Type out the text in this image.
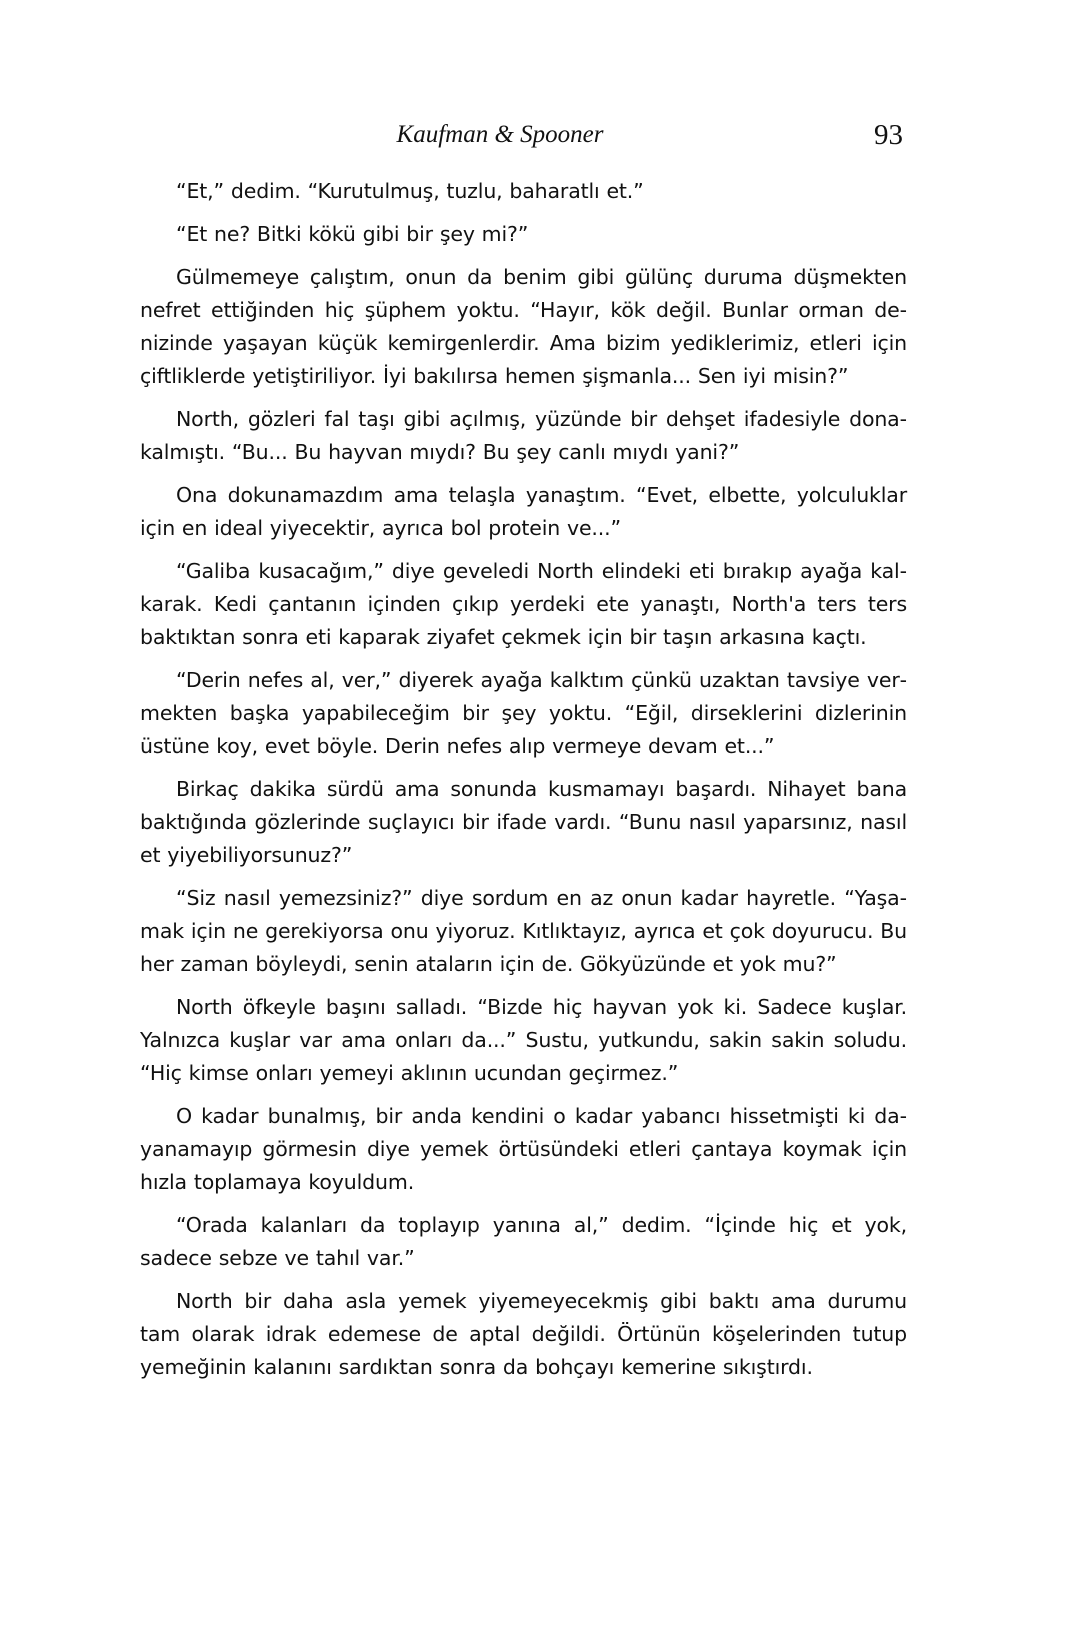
Kaufman & Spooner	93

“Et,” dedim. “Kurutulmuş, tuzlu, baharatlı et.”

“Et ne? Bitki kökü gibi bir şey mi?”

Gülmemeye çalıştım, onun da benim gibi gülünç duruma düşmekten nefret ettiğinden hiç şüphem yoktu. “Hayır, kök değil. Bunlar orman denizinde yaşayan küçük kemirgenlerdir. Ama bizim yediklerimiz, etleri için çiftliklerde yetiştiriliyor. İyi bakılırsa hemen şişmanla... Sen iyi misin?”

North, gözleri fal taşı gibi açılmış, yüzünde bir dehşet ifadesiyle donakalmıştı. “Bu... Bu hayvan mıydı? Bu şey canlı mıydı yani?”

Ona dokunamazdım ama telaşla yanaştım. “Evet, elbette, yolculuklar için en ideal yiyecektir, ayrıca bol protein ve...”

“Galiba kusacağım,” diye geveledi North elindeki eti bırakıp ayağa kalkarak. Kedi çantanın içinden çıkıp yerdeki ete yanaştı, North'a ters ters baktıktan sonra eti kaparak ziyafet çekmek için bir taşın arkasına kaçtı.

“Derin nefes al, ver,” diyerek ayağa kalktım çünkü uzaktan tavsiye vermekten başka yapabileceğim bir şey yoktu. “Eğil, dirseklerini dizlerinin üstüne koy, evet böyle. Derin nefes alıp vermeye devam et...”

Birkaç dakika sürdü ama sonunda kusmamayı başardı. Nihayet bana baktığında gözlerinde suçlayıcı bir ifade vardı. “Bunu nasıl yaparsınız, nasıl et yiyebiliyorsunuz?”

“Siz nasıl yemezsiniz?” diye sordum en az onun kadar hayretle. “Yaşamak için ne gerekiyorsa onu yiyoruz. Kıtlıktayız, ayrıca et çok doyurucu. Bu her zaman böyleydi, senin ataların için de. Gökyüzünde et yok mu?”

North öfkeyle başını salladı. “Bizde hiç hayvan yok ki. Sadece kuşlar. Yalnızca kuşlar var ama onları da...” Sustu, yutkundu, sakin sakin soludu. “Hiç kimse onları yemeyi aklının ucundan geçirmez.”

O kadar bunalmış, bir anda kendini o kadar yabancı hissetmişti ki dayanamayıp görmesin diye yemek örtüsündeki etleri çantaya koymak için hızla toplamaya koyuldum.

“Orada kalanları da toplayıp yanına al,” dedim. “İçinde hiç et yok, sadece sebze ve tahıl var.”

North bir daha asla yemek yiyemeyecekmiş gibi baktı ama durumu tam olarak idrak edemese de aptal değildi. Örtünün köşelerinden tutup yemeğinin kalanını sardıktan sonra da bohçayı kemerine sıkıştırdı.
